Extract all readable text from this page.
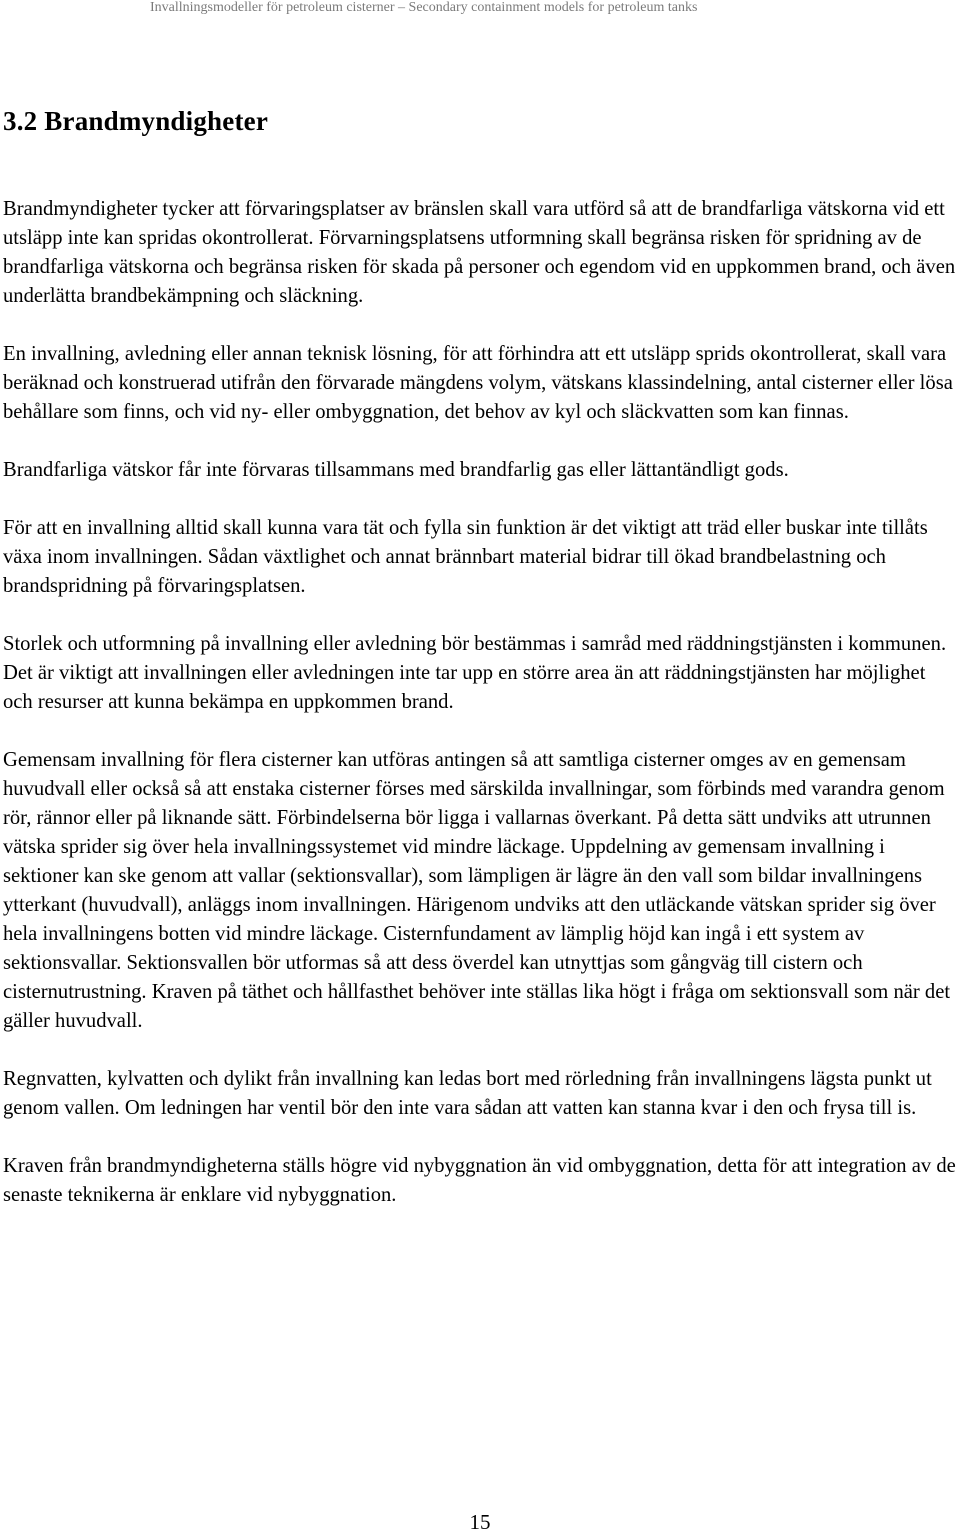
Invallningsmodeller för petroleum cisterner – Secondary containment models for petroleum tanks
3.2 Brandmyndigheter

Brandmyndigheter tycker att förvaringsplatser av bränslen skall vara utförd så att de brandfarliga vätskorna vid ett utsläpp inte kan spridas okontrollerat. Förvarningsplatsens utformning skall begränsa risken för spridning av de brandfarliga vätskorna och begränsa risken för skada på personer och egendom vid en uppkommen brand, och även underlätta brandbekämpning och släckning.

En invallning, avledning eller annan teknisk lösning, för att förhindra att ett utsläpp sprids okontrollerat, skall vara beräknad och konstruerad utifrån den förvarade mängdens volym, vätskans klassindelning, antal cisterner eller lösa behållare som finns, och vid ny- eller ombyggnation, det behov av kyl och släckvatten som kan finnas.

Brandfarliga vätskor får inte förvaras tillsammans med brandfarlig gas eller lättantändligt gods.

För att en invallning alltid skall kunna vara tät och fylla sin funktion är det viktigt att träd eller buskar inte tillåts växa inom invallningen. Sådan växtlighet och annat brännbart material bidrar till ökad brandbelastning och brandspridning på förvaringsplatsen.

Storlek och utformning på invallning eller avledning bör bestämmas i samråd med räddningstjänsten i kommunen. Det är viktigt att invallningen eller avledningen inte tar upp en större area än att räddningstjänsten har möjlighet och resurser att kunna bekämpa en uppkommen brand.

Gemensam invallning för flera cisterner kan utföras antingen så att samtliga cisterner omges av en gemensam huvudvall eller också så att enstaka cisterner förses med särskilda invallningar, som förbinds med varandra genom rör, rännor eller på liknande sätt. Förbindelserna bör ligga i vallarnas överkant. På detta sätt undviks att utrunnen vätska sprider sig över hela invallningssystemet vid mindre läckage. Uppdelning av gemensam invallning i sektioner kan ske genom att vallar (sektionsvallar), som lämpligen är lägre än den vall som bildar invallningens ytterkant (huvudvall), anläggs inom invallningen. Härigenom undviks att den utläckande vätskan sprider sig över hela invallningens botten vid mindre läckage. Cisternfundament av lämplig höjd kan ingå i ett system av sektionsvallar. Sektionsvallen bör utformas så att dess överdel kan utnyttjas som gångväg till cistern och cisternutrustning. Kraven på täthet och hållfasthet behöver inte ställas lika högt i fråga om sektionsvall som när det gäller huvudvall.

Regnvatten, kylvatten och dylikt från invallning kan ledas bort med rörledning från invallningens lägsta punkt ut genom vallen. Om ledningen har ventil bör den inte vara sådan att vatten kan stanna kvar i den och frysa till is.

Kraven från brandmyndigheterna ställs högre vid nybyggnation än vid ombyggnation, detta för att integration av de senaste teknikerna är enklare vid nybyggnation.

15
